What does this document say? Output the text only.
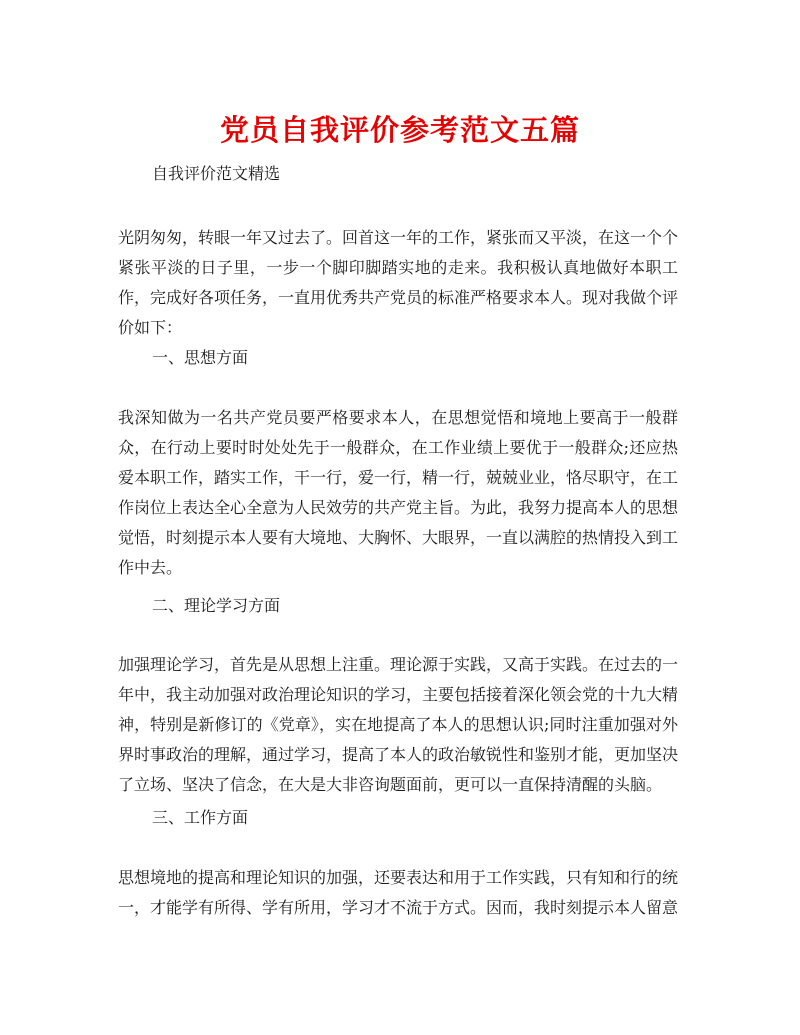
党员自我评价参考范文五篇
自我评价范文精选

光阴匆匆，转眼一年又过去了。回首这一年的工作，紧张而又平淡，在这一个个紧张平淡的日子里，一步一个脚印脚踏实地的走来。我积极认真地做好本职工作，完成好各项任务，一直用优秀共产党员的标准严格要求本人。现对我做个评价如下：

一、思想方面

我深知做为一名共产党员要严格要求本人，在思想觉悟和境地上要高于一般群众，在行动上要时时处处先于一般群众，在工作业绩上要优于一般群众;还应热爱本职工作，踏实工作，干一行，爱一行，精一行，兢兢业业，恪尽职守，在工作岗位上表达全心全意为人民效劳的共产党主旨。为此，我努力提高本人的思想觉悟，时刻提示本人要有大境地、大胸怀、大眼界，一直以满腔的热情投入到工作中去。

二、理论学习方面

加强理论学习，首先是从思想上注重。理论源于实践，又高于实践。在过去的一年中，我主动加强对政治理论知识的学习，主要包括接着深化领会党的十九大精神，特别是新修订的《党章》，实在地提高了本人的思想认识;同时注重加强对外界时事政治的理解，通过学习，提高了本人的政治敏锐性和鉴别才能，更加坚决了立场、坚决了信念，在大是大非咨询题面前，更可以一直保持清醒的头脑。

三、工作方面

思想境地的提高和理论知识的加强，还要表达和用于工作实践，只有知和行的统一，才能学有所得、学有所用，学习才不流于方式。因而，我时刻提示本人留意
